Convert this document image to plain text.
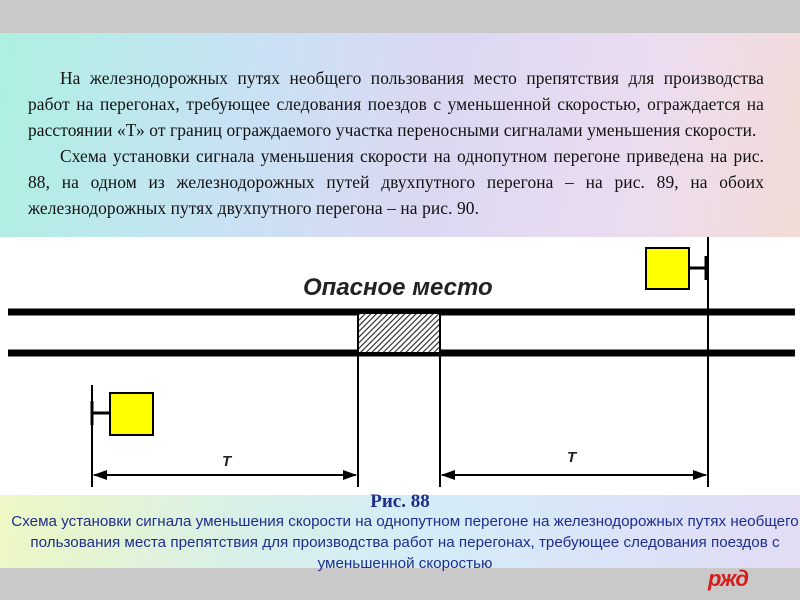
На железнодорожных путях необщего пользования место препятствия для производства работ на перегонах, требующее следования поездов с уменьшенной скоростью, ограждается на расстоянии «Т» от границ ограждаемого участка переносными сигналами уменьшения скорости.

Схема установки сигнала уменьшения скорости на однопутном перегоне приведена на рис. 88, на одном из железнодорожных путей двухпутного перегона – на рис. 89, на обоих железнодорожных путях двухпутного перегона – на рис. 90.

Опасное место
Т	Т
Рис. 88
Схема установки сигнала уменьшения скорости на однопутном перегоне на железнодорожных путях необщего пользования места препятствия для производства работ на перегонах, требующее следования поездов с уменьшенной скоростью
ржд
